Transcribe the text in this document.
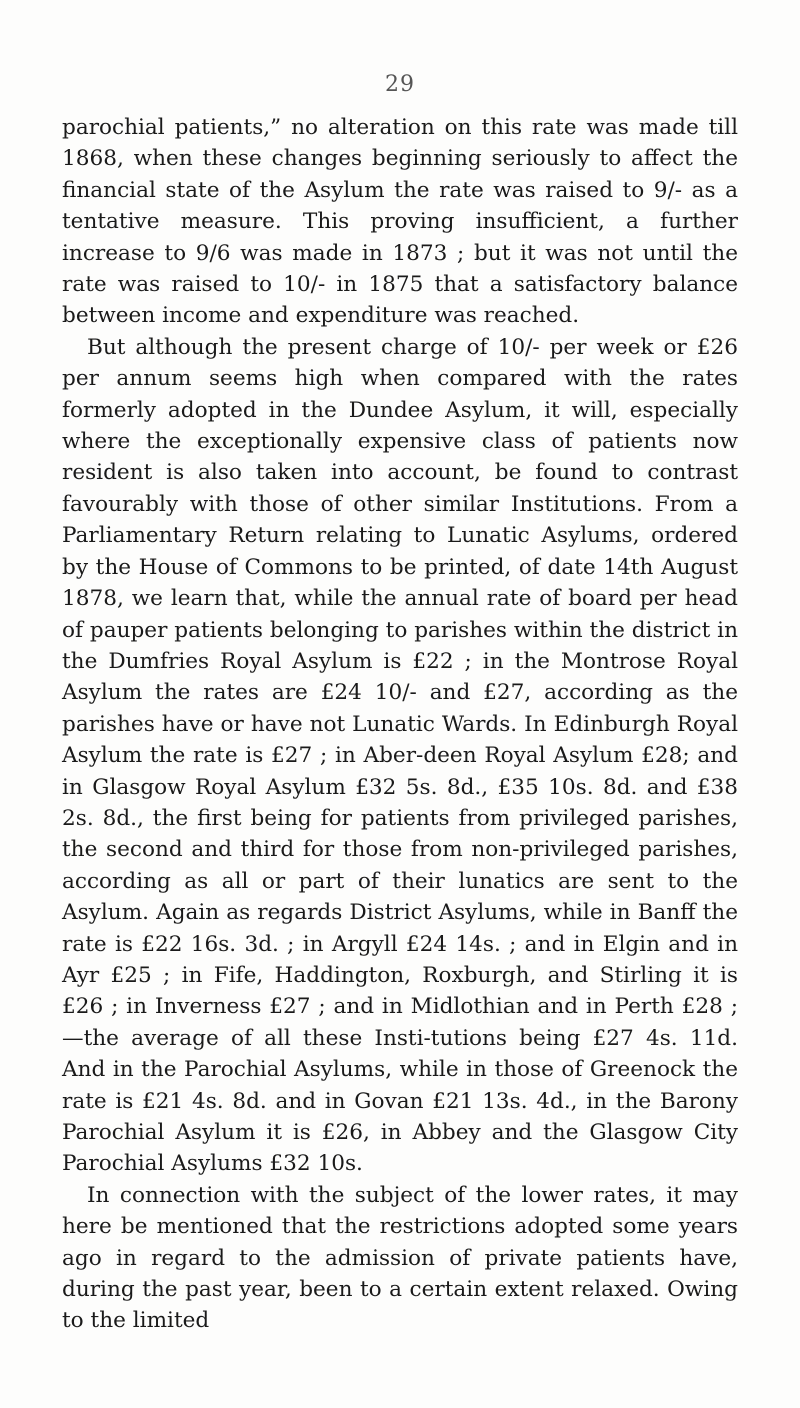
29

parochial patients,” no alteration on this rate was made till 1868, when these changes beginning seriously to affect the financial state of the Asylum the rate was raised to 9/- as a tentative measure. This proving insufficient, a further increase to 9/6 was made in 1873 ; but it was not until the rate was raised to 10/- in 1875 that a satisfactory balance between income and expenditure was reached.

But although the present charge of 10/- per week or £26 per annum seems high when compared with the rates formerly adopted in the Dundee Asylum, it will, especially where the exceptionally expensive class of patients now resident is also taken into account, be found to contrast favourably with those of other similar Institutions. From a Parliamentary Return relating to Lunatic Asylums, ordered by the House of Commons to be printed, of date 14th August 1878, we learn that, while the annual rate of board per head of pauper patients belonging to parishes within the district in the Dumfries Royal Asylum is £22 ; in the Montrose Royal Asylum the rates are £24 10/- and £27, according as the parishes have or have not Lunatic Wards. In Edinburgh Royal Asylum the rate is £27 ; in Aber-deen Royal Asylum £28; and in Glasgow Royal Asylum £32 5s. 8d., £35 10s. 8d. and £38 2s. 8d., the first being for patients from privileged parishes, the second and third for those from non-privileged parishes, according as all or part of their lunatics are sent to the Asylum. Again as regards District Asylums, while in Banff the rate is £22 16s. 3d. ; in Argyll £24 14s. ; and in Elgin and in Ayr £25 ; in Fife, Haddington, Roxburgh, and Stirling it is £26 ; in Inverness £27 ; and in Midlothian and in Perth £28 ;—the average of all these Insti-tutions being £27 4s. 11d. And in the Parochial Asylums, while in those of Greenock the rate is £21 4s. 8d. and in Govan £21 13s. 4d., in the Barony Parochial Asylum it is £26, in Abbey and the Glasgow City Parochial Asylums £32 10s.

In connection with the subject of the lower rates, it may here be mentioned that the restrictions adopted some years ago in regard to the admission of private patients have, during the past year, been to a certain extent relaxed. Owing to the limited
